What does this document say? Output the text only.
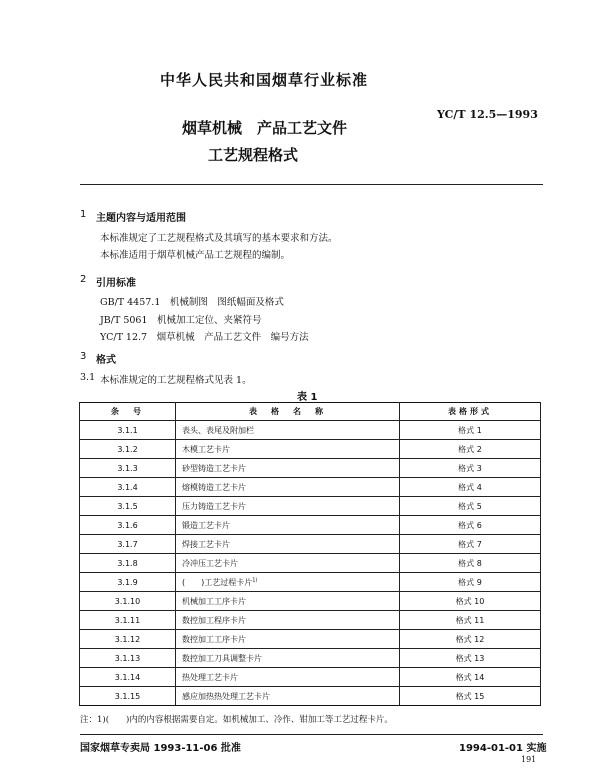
中华人民共和国烟草行业标准
烟草机械　产品工艺文件
工艺规程格式
YC/T 12.5—1993
1 主题内容与适用范围
本标准规定了工艺规程格式及其填写的基本要求和方法。
本标准适用于烟草机械产品工艺规程的编制。
2 引用标准
GB/T 4457.1　机械制图　图纸幅面及格式
JB/T 5061　机械加工定位、夹紧符号
YC/T 12.7　烟草机械　产品工艺文件　编号方法
3 格式
3.1 本标准规定的工艺规程格式见表 1。
表 1
条　号	表　格　名　称	表格形式
3.1.1	表头、表尾及附加栏	格式 1
3.1.2	木模工艺卡片	格式 2
3.1.3	砂型铸造工艺卡片	格式 3
3.1.4	熔模铸造工艺卡片	格式 4
3.1.5	压力铸造工艺卡片	格式 5
3.1.6	锻造工艺卡片	格式 6
3.1.7	焊接工艺卡片	格式 7
3.1.8	冷冲压工艺卡片	格式 8
3.1.9	(　　)工艺过程卡片$^{1)}$	格式 9
3.1.10	机械加工工序卡片	格式 10
3.1.11	数控加工程序卡片	格式 11
3.1.12	数控加工工序卡片	格式 12
3.1.13	数控加工刀具调整卡片	格式 13
3.1.14	热处理工艺卡片	格式 14
3.1.15	感应加热热处理工艺卡片	格式 15
注：1)(　　)内的内容根据需要自定。如机械加工、冷作、钳加工等工艺过程卡片。
国家烟草专卖局 1993-11-06 批准	1994-01-01 实施
191
